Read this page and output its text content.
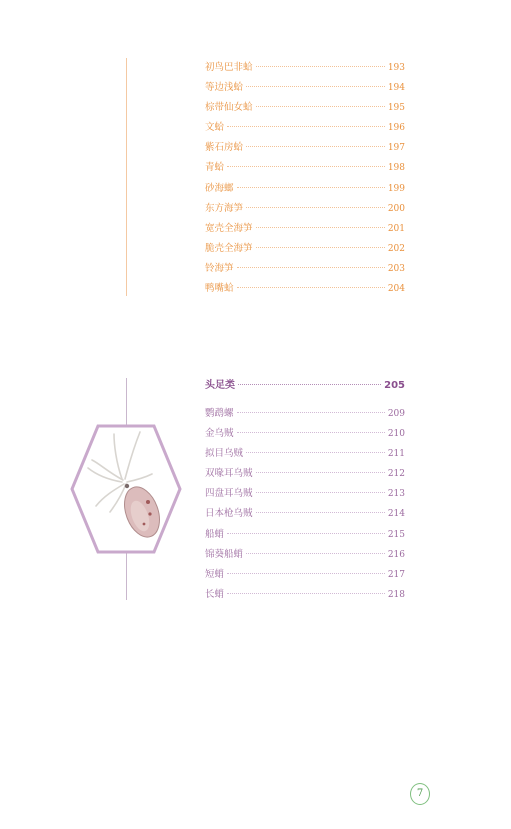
初鸟巴非蛤	193
等边浅蛤	194
棕带仙女蛤	195
文蛤	196
紫石房蛤	197
青蛤	198
砂海螂	199
东方海笋	200
宽壳全海笋	201
脆壳全海笋	202
铃海笋	203
鸭嘴蛤	204
头足类	205
鹦鹉螺	209
金乌贼	210
拟目乌贼	211
双喙耳乌贼	212
四盘耳乌贼	213
日本枪乌贼	214
船蛸	215
锦葵船蛸	216
短蛸	217
长蛸	218
7
